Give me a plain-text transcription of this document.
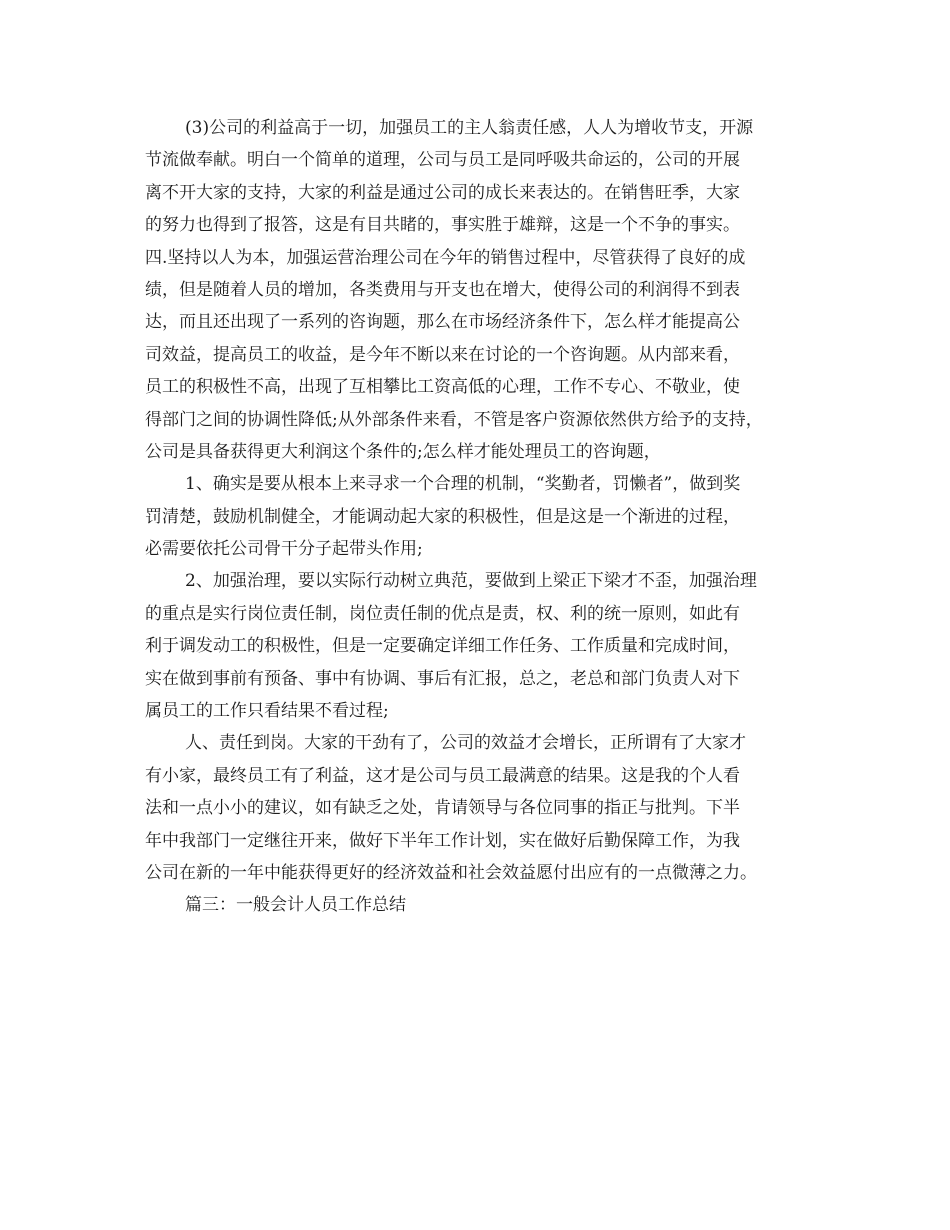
(3)公司的利益高于一切，加强员工的主人翁责任感，人人为增收节支，开源
节流做奉献。明白一个简单的道理，公司与员工是同呼吸共命运的，公司的开展
离不开大家的支持，大家的利益是通过公司的成长来表达的。在销售旺季，大家
的努力也得到了报答，这是有目共睹的，事实胜于雄辩，这是一个不争的事实。
四.坚持以人为本，加强运营治理公司在今年的销售过程中，尽管获得了良好的成
绩，但是随着人员的增加，各类费用与开支也在增大，使得公司的利润得不到表
达，而且还出现了一系列的咨询题，那么在市场经济条件下，怎么样才能提高公
司效益，提高员工的收益，是今年不断以来在讨论的一个咨询题。从内部来看，
员工的积极性不高，出现了互相攀比工资高低的心理，工作不专心、不敬业，使
得部门之间的协调性降低;从外部条件来看，不管是客户资源依然供方给予的支持，
公司是具备获得更大利润这个条件的;怎么样才能处理员工的咨询题，
1、确实是要从根本上来寻求一个合理的机制，“奖勤者，罚懒者”，做到奖
罚清楚，鼓励机制健全，才能调动起大家的积极性，但是这是一个渐进的过程，
必需要依托公司骨干分子起带头作用;
2、加强治理，要以实际行动树立典范，要做到上梁正下梁才不歪，加强治理
的重点是实行岗位责任制，岗位责任制的优点是责，权、利的统一原则，如此有
利于调发动工的积极性，但是一定要确定详细工作任务、工作质量和完成时间，
实在做到事前有预备、事中有协调、事后有汇报，总之，老总和部门负责人对下
属员工的工作只看结果不看过程;
人、责任到岗。大家的干劲有了，公司的效益才会增长，正所谓有了大家才
有小家，最终员工有了利益，这才是公司与员工最满意的结果。这是我的个人看
法和一点小小的建议，如有缺乏之处，肯请领导与各位同事的指正与批判。下半
年中我部门一定继往开来，做好下半年工作计划，实在做好后勤保障工作，为我
公司在新的一年中能获得更好的经济效益和社会效益愿付出应有的一点微薄之力。
篇三：一般会计人员工作总结
